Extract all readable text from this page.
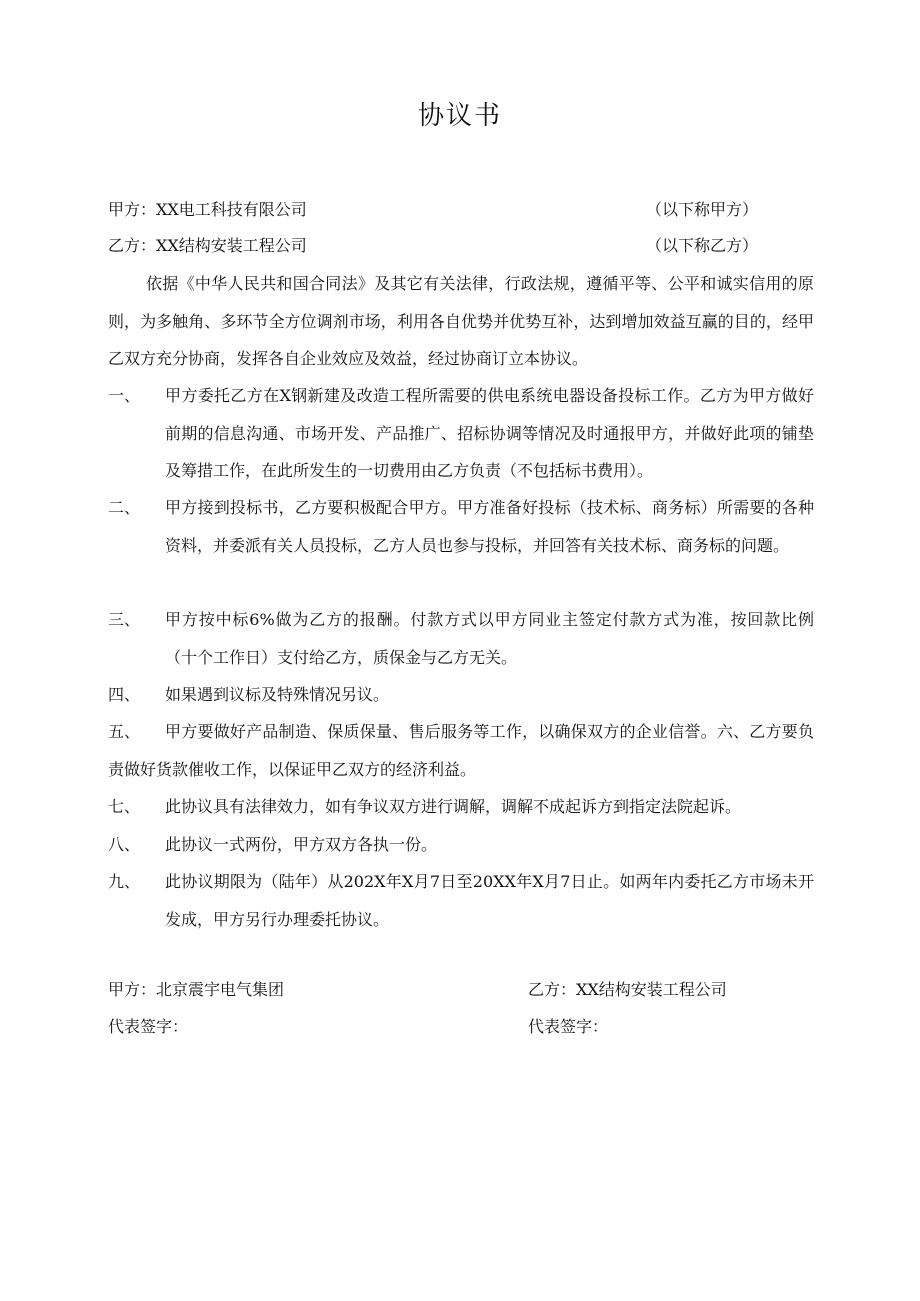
协议书
甲方：XX电工科技有限公司	（以下称甲方）
乙方：XX结构安装工程公司	（以下称乙方）

依据《中华人民共和国合同法》及其它有关法律，行政法规，遵循平等、公平和诚实信用的原则，为多触角、多环节全方位调剂市场，利用各自优势并优势互补，达到增加效益互赢的目的，经甲乙双方充分协商，发挥各自企业效应及效益，经过协商订立本协议。

一、 甲方委托乙方在X钢新建及改造工程所需要的供电系统电器设备投标工作。乙方为甲方做好前期的信息沟通、市场开发、产品推广、招标协调等情况及时通报甲方，并做好此项的铺垫及筹措工作，在此所发生的一切费用由乙方负责（不包括标书费用）。
二、 甲方接到投标书，乙方要积极配合甲方。甲方准备好投标（技术标、商务标）所需要的各种资料，并委派有关人员投标，乙方人员也参与投标，并回答有关技术标、商务标的问题。
三、 甲方按中标6%做为乙方的报酬。付款方式以甲方同业主签定付款方式为准，按回款比例（十个工作日）支付给乙方，质保金与乙方无关。
四、 如果遇到议标及特殊情况另议。
五、	甲方要做好产品制造、保质保量、售后服务等工作，以确保双方的企业信誉。六、乙方要负责做好货款催收工作，以保证甲乙双方的经济利益。
七、 此协议具有法律效力，如有争议双方进行调解，调解不成起诉方到指定法院起诉。
八、 此协议一式两份，甲方双方各执一份。
九、 此协议期限为（陆年）从202X年X月7日至20XX年X月7日止。如两年内委托乙方市场未开发成，甲方另行办理委托协议。
甲方：北京震宇电气集团	乙方：XX结构安装工程公司
代表签字：	代表签字：
